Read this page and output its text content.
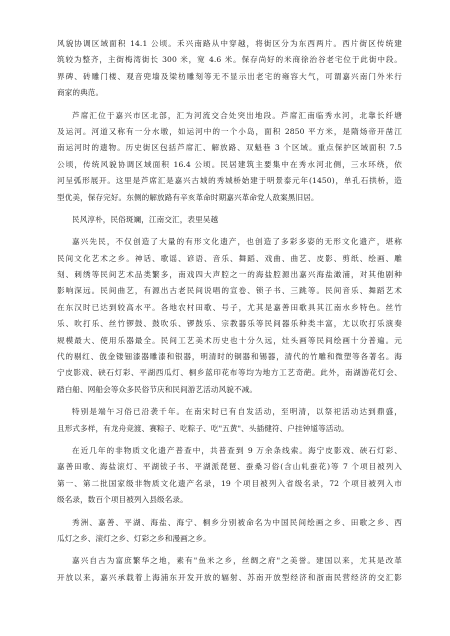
风貌协调区域面积 14.1 公顷。禾兴南路从中穿越，将街区分为东西两片。西片街区传统建
筑较为整齐，主街梅湾街长 300 米，宽 4.6 米。保存尚好的米商徐治谷老宅位于此街中段。
界碑、砖雕门楼、观音兜墙及梁枋雕刻等无不显示出老宅的雍容大气，可谓嘉兴南门外米行
商家的典范。
芦席汇位于嘉兴市区北部，汇为河流交合处突出地段。芦席汇南临秀水河，北靠长纤塘
及运河。河道又称有一分水墩，如运河中的一个小岛，面积 2850 平方米，是隋炀帝开凿江
南运河时的遗物。历史街区包括芦席汇、解放路、双魁巷 3 个区域。重点保护区域面积 7.5
公顷，传统风貌协调区域面积 16.4 公顷。民居建筑主要集中在秀水河北侧，三水环绕，依
河呈弧形展开。这里是芦席汇是嘉兴古城的秀城桥始建于明景泰元年(1450)，单孔石拱桥，造
型优美，保存完好。东侧的解放路有辛亥革命时期嘉兴革命党人敌案黑旧居。
民风淳朴，民俗斑斓，江南交汇，表里吴越
嘉兴先民，不仅创造了大量的有形文化遗产，也创造了多彩多姿的无形文化遗产，堪称
民间文化艺术之乡。神话、歌谣、谚语、音乐、舞蹈、戏曲、曲艺、皮影、剪纸、绘画、雕
刻、刺绣等民间艺术品类繁多，南戏四大声腔之一的海盐腔源出嘉兴海盐澉浦，对其他剧种
影响深远。民间曲艺，有源出古老民间说唱的宣卷、锁子书、三跳等。民间音乐、舞蹈艺术
在东汉时已达到较高水平。各地农村田歌、号子，尤其是嘉善田歌具其江南水乡特色。丝竹
乐、吹打乐、丝竹锣鼓、鼓吹乐、锣鼓乐、宗教器乐等民间器乐种类丰富，尤以吹打乐演奏
规模最大、使用乐器最全。民间工艺美术历史也十分久远，灶头画等民间绘画十分普遍。元
代的剔红、戗金镂钿漆器雕漆和银器，明清时的铜器和锡器，清代的竹雕和微塑等各著名。海
宁皮影戏、硖石灯彩、平湖西瓜灯、桐乡蓝印花布等均为地方工艺奇葩。此外，南湖游花灯会、
踏白船、网船会等众多民俗节庆和民间游艺活动风貌不减。
特别是端午习俗已沿袭千年。在南宋时已有自发活动，至明清，以祭祀活动达到鼎盛，
且形式多样，有龙舟竞渡、赛粽子、吃粽子、吃"五黄"、头插健符、户挂钟馗等活动。
在近几年的非物质文化遗产普查中，共普查到 9 万余条线索。海宁皮影戏、硖石灯彩、
嘉善田歌、海盐滚灯、平湖钹子书、平湖派琵琶、蚕桑习俗(含山轧蚕花)等 7 个项目被列入
第一、第二批国家级非物质文化遗产名录，19 个项目被列入省级名录，72 个项目被列入市
级名录，数百个项目被列入县级名录。
秀洲、嘉善、平湖、海盐、海宁、桐乡分别被命名为中国民间绘画之乡、田歌之乡、西
瓜灯之乡、滚灯之乡、灯彩之乡和漫画之乡。
嘉兴自古为富庶繁华之地，素有"鱼米之乡，丝绸之府"之美誉。建国以来，尤其是改革
开放以来，嘉兴承载着上海浦东开发开放的辐射、苏南开放型经济和浙南民营经济的交汇影
